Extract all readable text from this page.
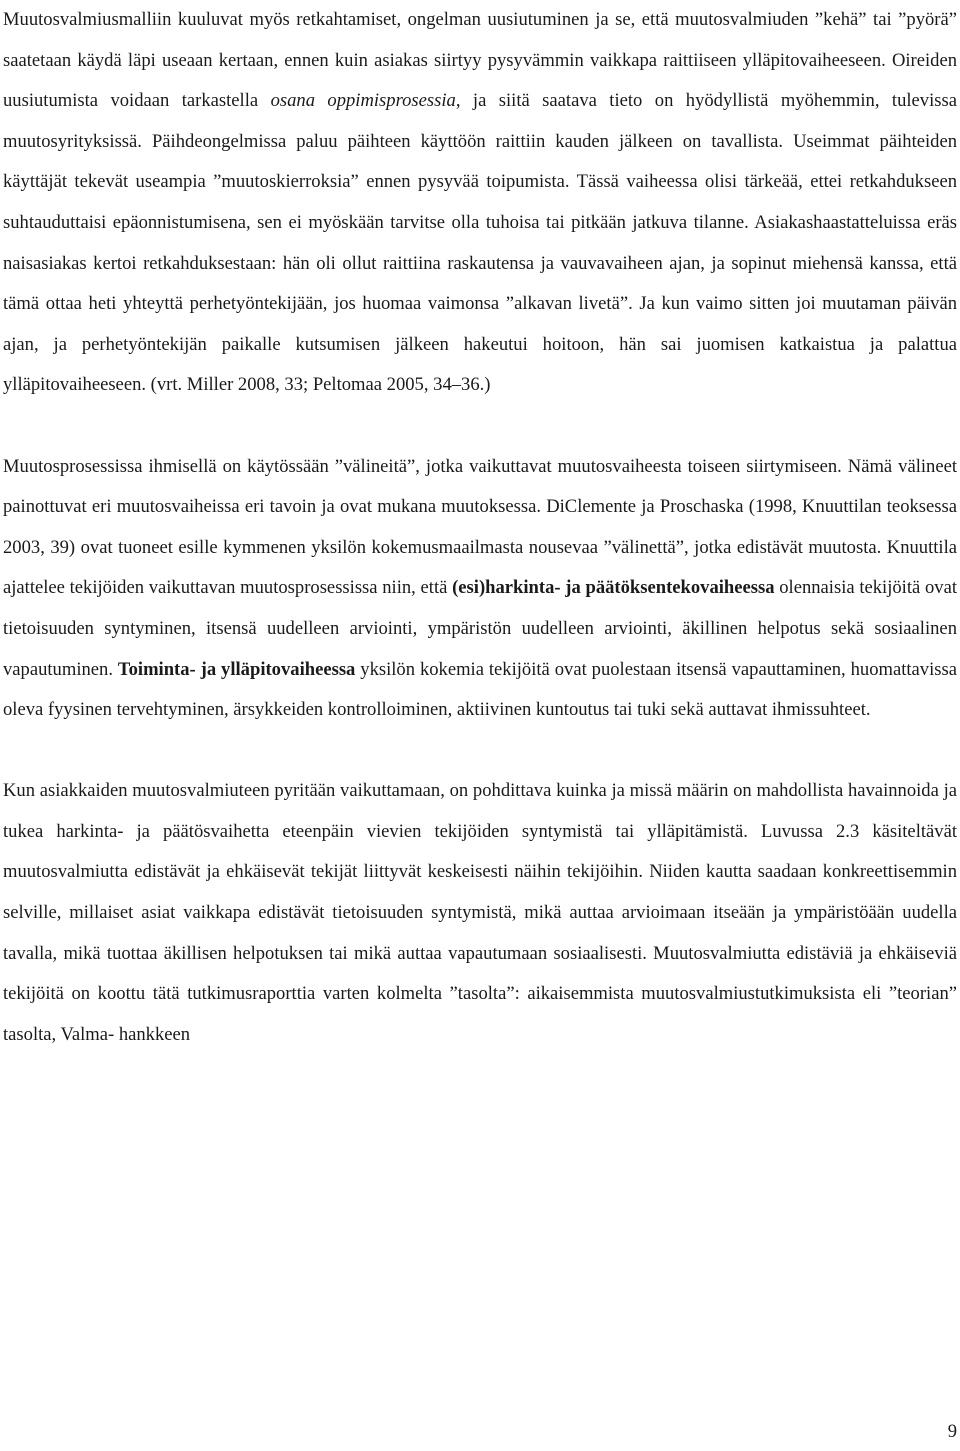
Muutosvalmiusmalliin kuuluvat myös retkahtamiset, ongelman uusiutuminen ja se, että muutosvalmiuden ”kehä” tai ”pyörä” saatetaan käydä läpi useaan kertaan, ennen kuin asiakas siirtyy pysyvämmin vaikkapa raittiiseen ylläpitovaiheeseen. Oireiden uusiutumista voidaan tarkastella osana oppimisprosessia, ja siitä saatava tieto on hyödyllistä myöhemmin, tulevissa muutosyrityksissä. Päihdeongelmissa paluu päihteen käyttöön raittiin kauden jälkeen on tavallista. Useimmat päihteiden käyttäjät tekevät useampia ”muutoskierroksia” ennen pysyvää toipumista. Tässä vaiheessa olisi tärkeää, ettei retkahdukseen suhtauduttaisi epäonnistumisena, sen ei myöskään tarvitse olla tuhoisa tai pitkään jatkuva tilanne. Asiakashaastatteluissa eräs naisasiakas kertoi retkahduksestaan: hän oli ollut raittiina raskautensa ja vauvavaiheen ajan, ja sopinut miehensä kanssa, että tämä ottaa heti yhteyttä perhetyöntekijään, jos huomaa vaimonsa ”alkavan livetä”. Ja kun vaimo sitten joi muutaman päivän ajan, ja perhetyöntekijän paikalle kutsumisen jälkeen hakeutui hoitoon, hän sai juomisen katkaistua ja palattua ylläpitovaiheeseen. (vrt. Miller 2008, 33; Peltomaa 2005, 34–36.)

Muutosprosessissa ihmisellä on käytössään ”välineitä”, jotka vaikuttavat muutosvaiheesta toiseen siirtymiseen. Nämä välineet painottuvat eri muutosvaiheissa eri tavoin ja ovat mukana muutoksessa. DiClemente ja Proschaska (1998, Knuuttilan teoksessa 2003, 39) ovat tuoneet esille kymmenen yksilön kokemusmaailmasta nousevaa ”välinettä”, jotka edistävät muutosta. Knuuttila ajattelee tekijöiden vaikuttavan muutosprosessissa niin, että (esi)harkinta- ja päätöksentekovaiheessa olennaisia tekijöitä ovat tietoisuuden syntyminen, itsensä uudelleen arviointi, ympäristön uudelleen arviointi, äkillinen helpotus sekä sosiaalinen vapautuminen. Toiminta- ja ylläpitovaiheessa yksilön kokemia tekijöitä ovat puolestaan itsensä vapauttaminen, huomattavissa oleva fyysinen tervehtyminen, ärsykkeiden kontrolloiminen, aktiivinen kuntoutus tai tuki sekä auttavat ihmissuhteet.

Kun asiakkaiden muutosvalmiuteen pyritään vaikuttamaan, on pohdittava kuinka ja missä määrin on mahdollista havainnoida ja tukea harkinta- ja päätösvaihetta eteenpäin vievien tekijöiden syntymistä tai ylläpitämistä. Luvussa 2.3 käsiteltävät muutosvalmiutta edistävät ja ehkäisevät tekijät liittyvät keskeisesti näihin tekijöihin. Niiden kautta saadaan konkreettisemmin selville, millaiset asiat vaikkapa edistävät tietoisuuden syntymistä, mikä auttaa arvioimaan itseään ja ympäristöään uudella tavalla, mikä tuottaa äkillisen helpotuksen tai mikä auttaa vapautumaan sosiaalisesti. Muutosvalmiutta edistäviä ja ehkäiseviä tekijöitä on koottu tätä tutkimusraporttia varten kolmelta ”tasolta”: aikaisemmista muutosvalmiustutkimuksista eli ”teorian” tasolta, Valma- hankkeen

9
